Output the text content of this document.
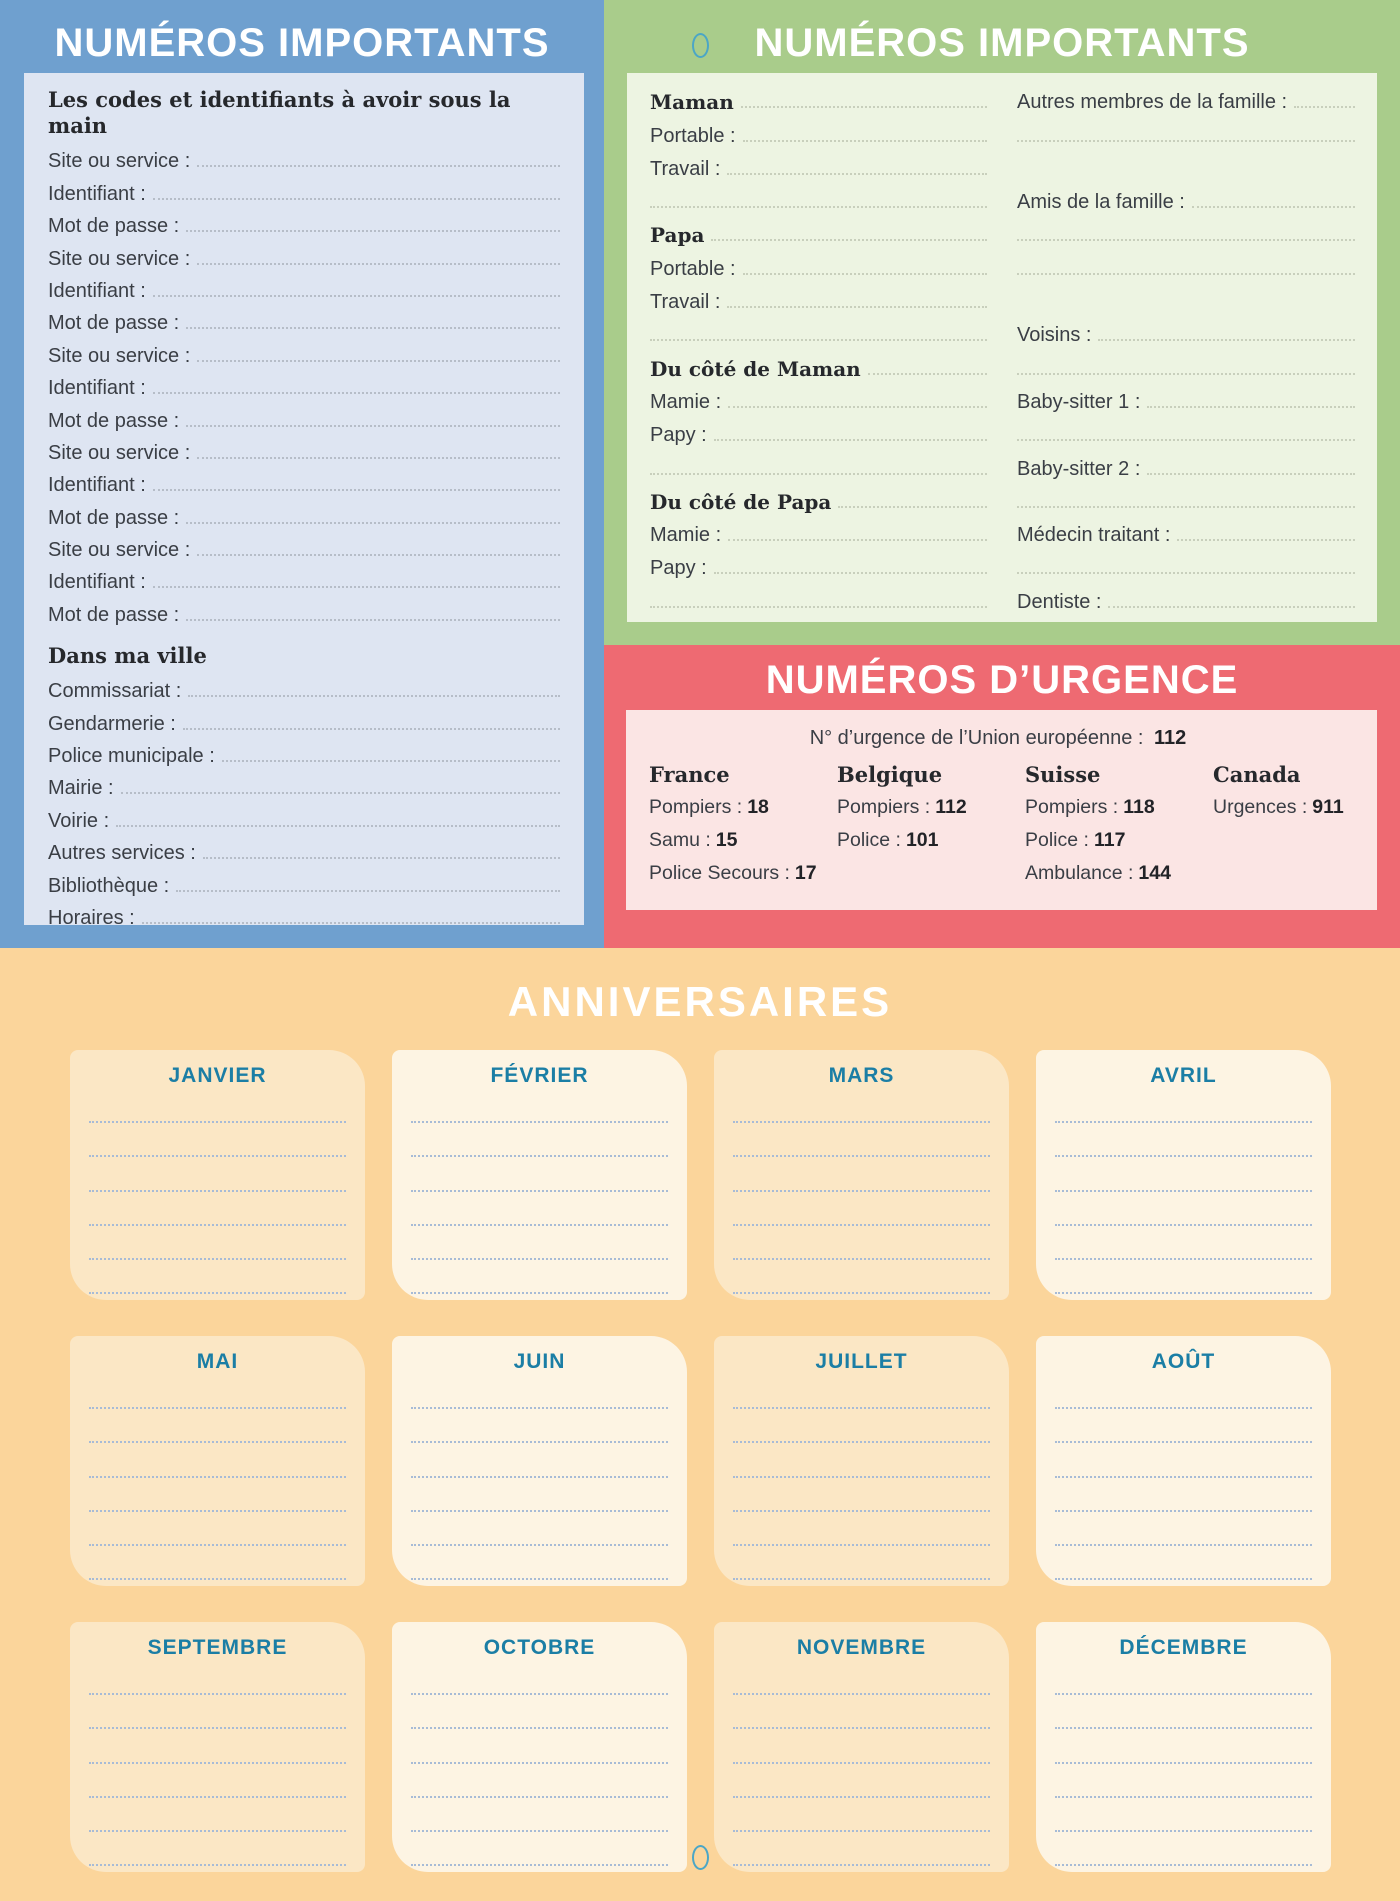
NUMÉROS IMPORTANTS
Les codes et identifiants à avoir sous la main
Site ou service :
Identifiant :
Mot de passe :
Site ou service :
Identifiant :
Mot de passe :
Site ou service :
Identifiant :
Mot de passe :
Site ou service :
Identifiant :
Mot de passe :
Site ou service :
Identifiant :
Mot de passe :
Dans ma ville
Commissariat :
Gendarmerie :
Police municipale :
Mairie :
Voirie :
Autres services :
Bibliothèque :
Horaires :
NUMÉROS IMPORTANTS
Maman
Portable :
Travail :
Papa
Portable :
Travail :
Du côté de Maman
Mamie :
Papy :
Du côté de Papa
Mamie :
Papy :
Autres membres de la famille :
Amis de la famille :
Voisins :
Baby-sitter 1 :
Baby-sitter 2 :
Médecin traitant :
Dentiste :
NUMÉROS D’URGENCE
N° d’urgence de l’Union européenne : 112
France
Pompiers : 18
Samu : 15
Police Secours : 17
Belgique
Pompiers : 112
Police : 101
Suisse
Pompiers : 118
Police : 117
Ambulance : 144
Canada
Urgences : 911
ANNIVERSAIRES
JANVIER	FÉVRIER	MARS	AVRIL
MAI	JUIN	JUILLET	AOÛT
SEPTEMBRE	OCTOBRE	NOVEMBRE	DÉCEMBRE
